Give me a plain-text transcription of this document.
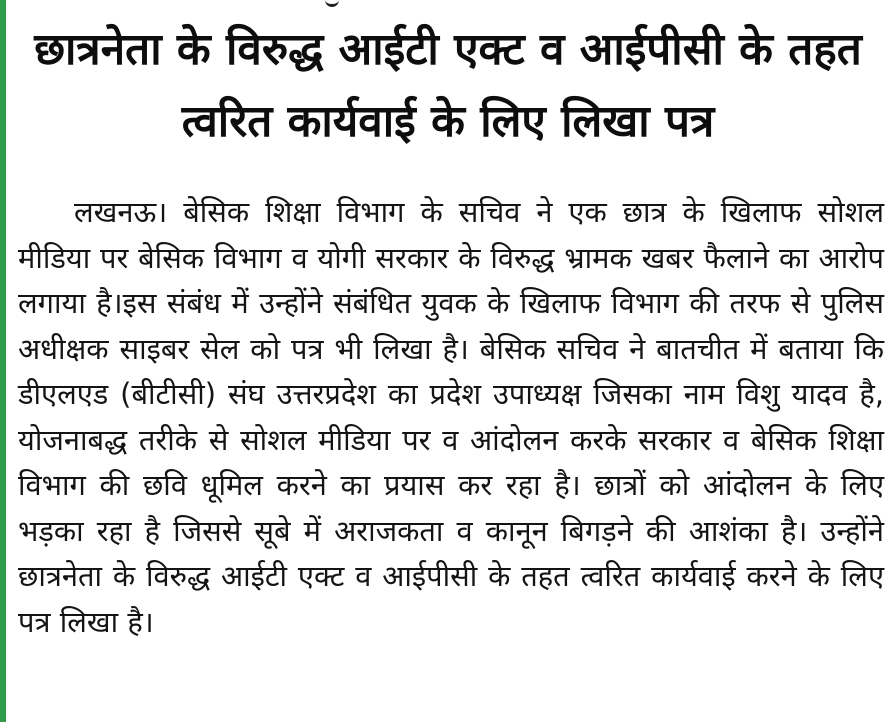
छात्रनेता के विरुद्ध आईटी एक्ट व आईपीसी के तहत त्वरित कार्यवाई के लिए लिखा पत्र

लखनऊ। बेसिक शिक्षा विभाग के सचिव ने एक छात्र के खिलाफ सोशल मीडिया पर बेसिक विभाग व योगी सरकार के विरुद्ध भ्रामक खबर फैलाने का आरोप लगाया है।इस संबंध में उन्होंने संबंधित युवक के खिलाफ विभाग की तरफ से पुलिस अधीक्षक साइबर सेल को पत्र भी लिखा है। बेसिक सचिव ने बातचीत में बताया कि डीएलएड (बीटीसी) संघ उत्तरप्रदेश का प्रदेश उपाध्यक्ष जिसका नाम विशु यादव है, योजनाबद्ध तरीके से सोशल मीडिया पर व आंदोलन करके सरकार व बेसिक शिक्षा विभाग की छवि धूमिल करने का प्रयास कर रहा है। छात्रों को आंदोलन के लिए भड़का रहा है जिससे सूबे में अराजकता व कानून बिगड़ने की आशंका है। उन्होंने छात्रनेता के विरुद्ध आईटी एक्ट व आईपीसी के तहत त्वरित कार्यवाई करने के लिए पत्र लिखा है।
